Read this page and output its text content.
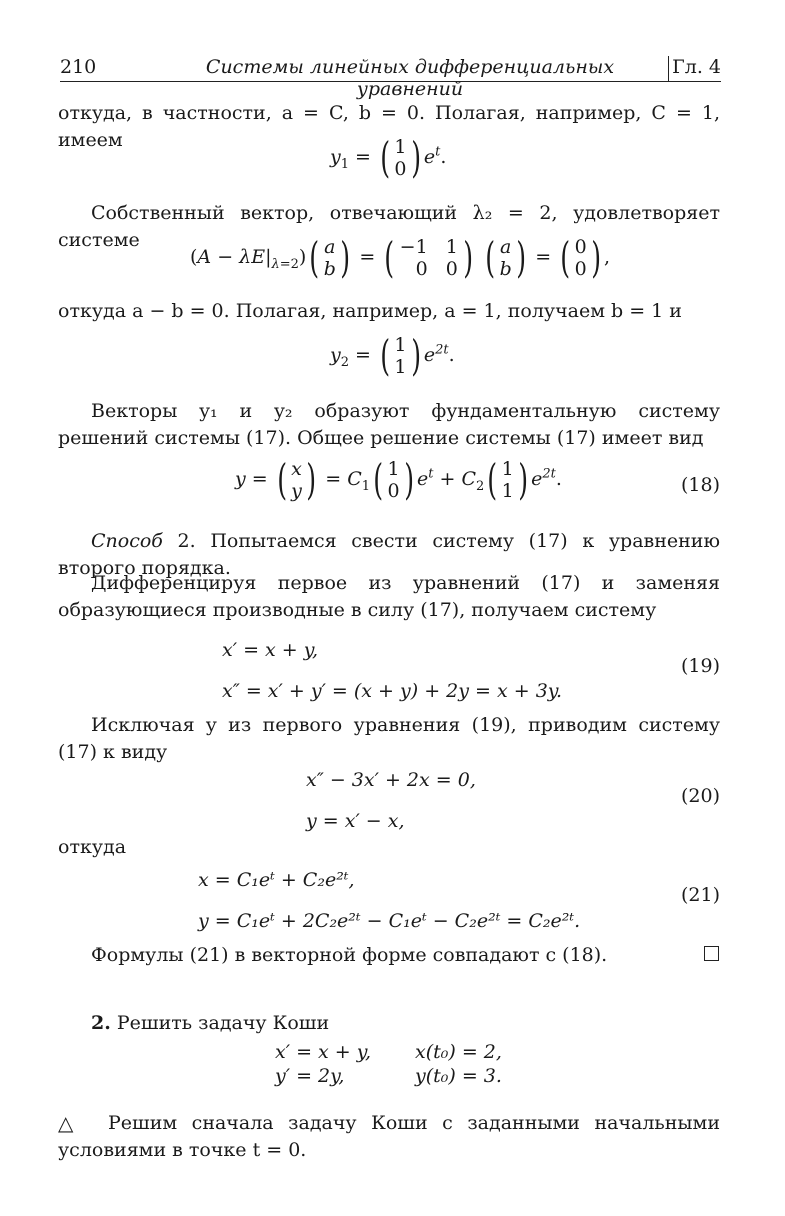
210	Системы линейных дифференциальных уравнений
Гл. 4
откуда, в частности, a = C, b = 0. Полагая, например, C = 1, имеем
$y_1$ = ( 1
0 ) $e^t$.
Собственный вектор, отвечающий λ₂ = 2, удовлетворяет системе
$(A - \lambda E|_{\lambda=2})$ ( a
b ) = ( −1 1
0 0 )
( a
b ) = ( 0
0 ) ,
откуда a − b = 0. Полагая, например, a = 1, получаем b = 1 и
$y_2$ = ( 1
1 ) $e^{2t}$.
Векторы y₁ и y₂ образуют фундаментальную систему решений системы (17). Общее решение системы (17) имеет вид
y = ( x
y ) = $C_1$ ( 1
0 ) $e^t + C_2$ ( 1
1 ) $e^{2t}$.	(18)
Способ 2. Попытаемся свести систему (17) к уравнению второго порядка.
Дифференцируя первое из уравнений (17) и заменяя образующиеся производные в силу (17), получаем систему
x′ = x + y,
x″ = x′ + y′ = (x + y) + 2y = x + 3y.
(19)
Исключая y из первого уравнения (19), приводим систему (17) к виду
x″ − 3x′ + 2x = 0,
y = x′ − x,
(20)
откуда
x = C₁eᵗ + C₂e²ᵗ,
y = C₁eᵗ + 2C₂e²ᵗ − C₁eᵗ − C₂e²ᵗ = C₂e²ᵗ.
(21)
Формулы (21) в векторной форме совпадают с (18).
2. Решить задачу Коши
x′ = x + y, x(t₀) = 2,
y′ = 2y,	y(t₀) = 3.
△	Решим сначала задачу Коши с заданными начальными условиями в точке t = 0.
